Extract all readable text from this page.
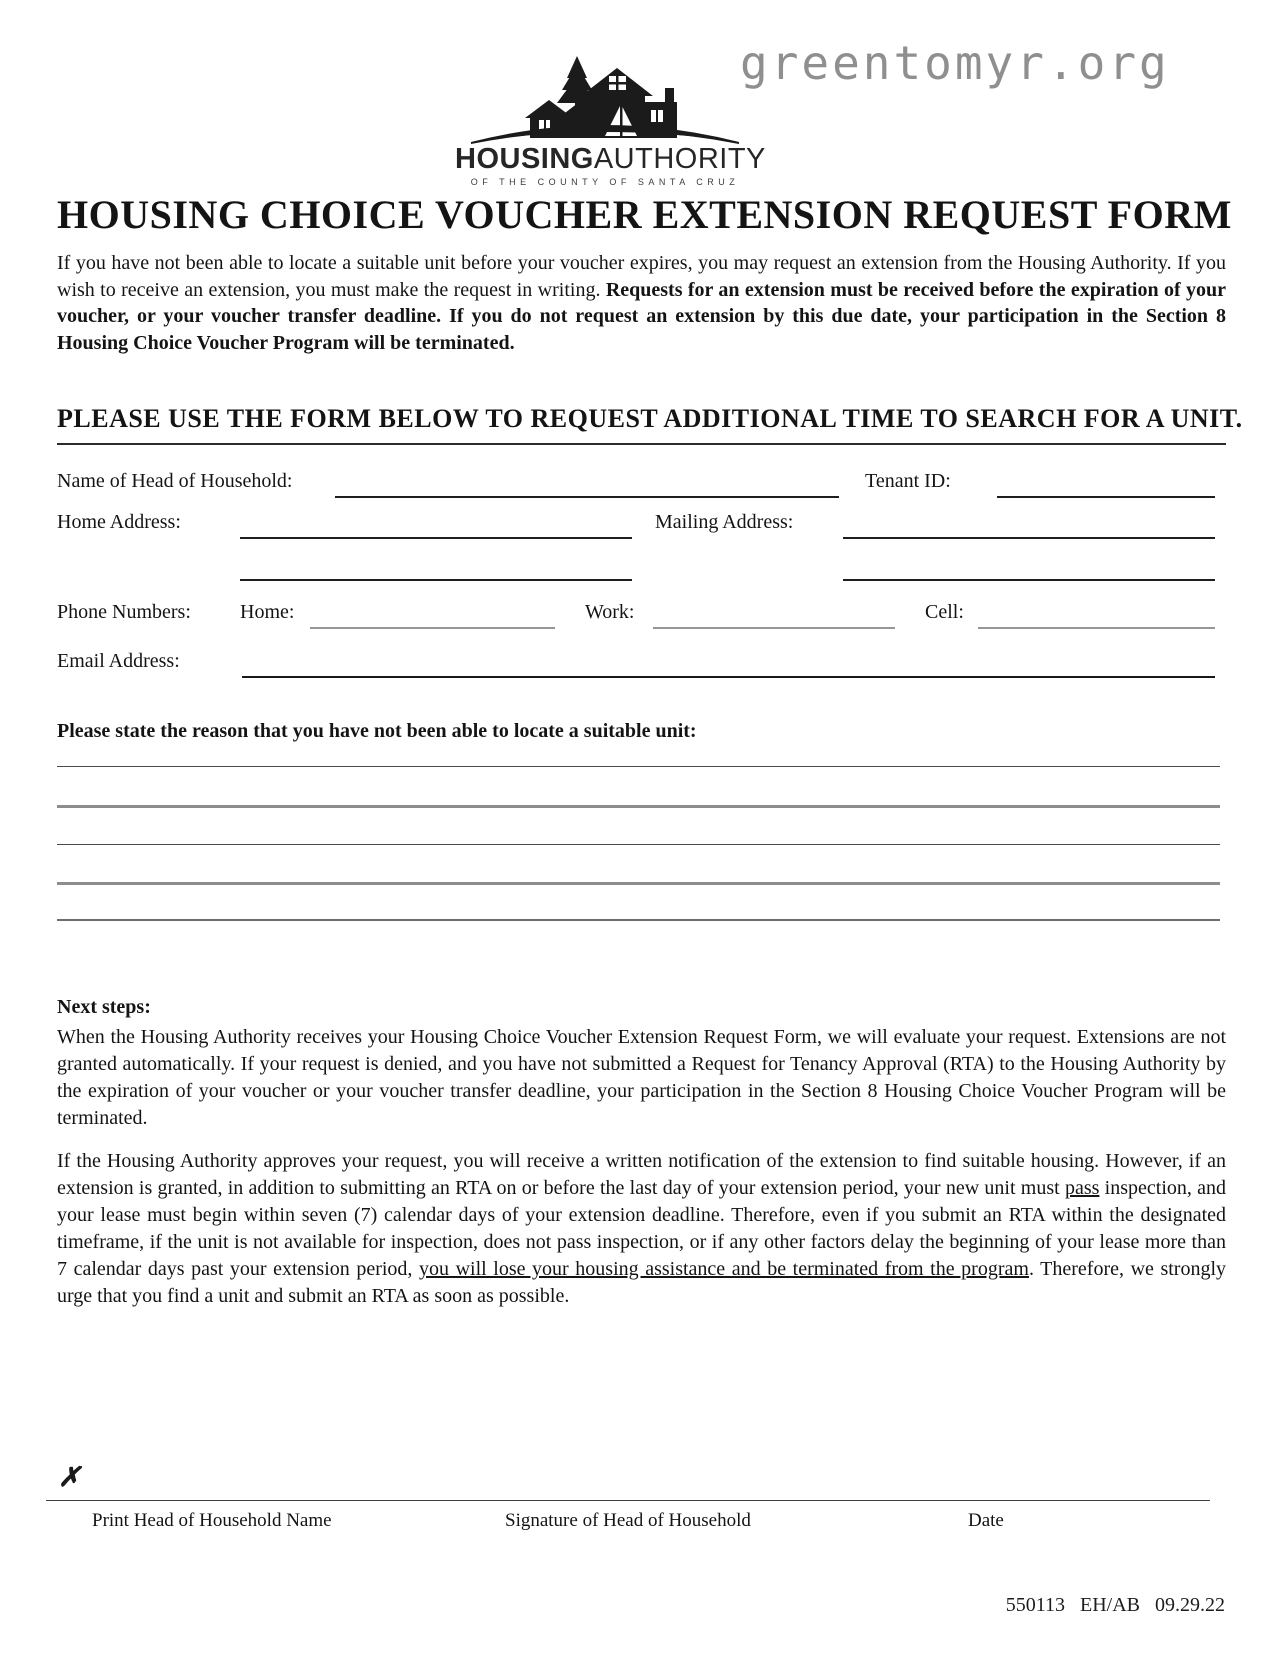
greentomyr.org
HOUSINGAUTHORITY
OF THE COUNTY OF SANTA CRUZ
HOUSING CHOICE VOUCHER EXTENSION REQUEST FORM
If you have not been able to locate a suitable unit before your voucher expires, you may request an extension from the Housing Authority. If you wish to receive an extension, you must make the request in writing. Requests for an extension must be received before the expiration of your voucher, or your voucher transfer deadline. If you do not request an extension by this due date, your participation in the Section 8 Housing Choice Voucher Program will be terminated.
PLEASE USE THE FORM BELOW TO REQUEST ADDITIONAL TIME TO SEARCH FOR A UNIT.
Name of Head of Household:	Tenant ID:
Home Address:	Mailing Address:
Phone Numbers: Home:	Work:	Cell:
Email Address:
Please state the reason that you have not been able to locate a suitable unit:
Next steps:
When the Housing Authority receives your Housing Choice Voucher Extension Request Form, we will evaluate your request. Extensions are not granted automatically. If your request is denied, and you have not submitted a Request for Tenancy Approval (RTA) to the Housing Authority by the expiration of your voucher or your voucher transfer deadline, your participation in the Section 8 Housing Choice Voucher Program will be terminated.
If the Housing Authority approves your request, you will receive a written notification of the extension to find suitable housing. However, if an extension is granted, in addition to submitting an RTA on or before the last day of your extension period, your new unit must pass inspection, and your lease must begin within seven (7) calendar days of your extension deadline. Therefore, even if you submit an RTA within the designated timeframe, if the unit is not available for inspection, does not pass inspection, or if any other factors delay the beginning of your lease more than 7 calendar days past your extension period, you will lose your housing assistance and be terminated from the program. Therefore, we strongly urge that you find a unit and submit an RTA as soon as possible.
✗
Print Head of Household Name	Signature of Head of Household	Date
550113   EH/AB   09.29.22
